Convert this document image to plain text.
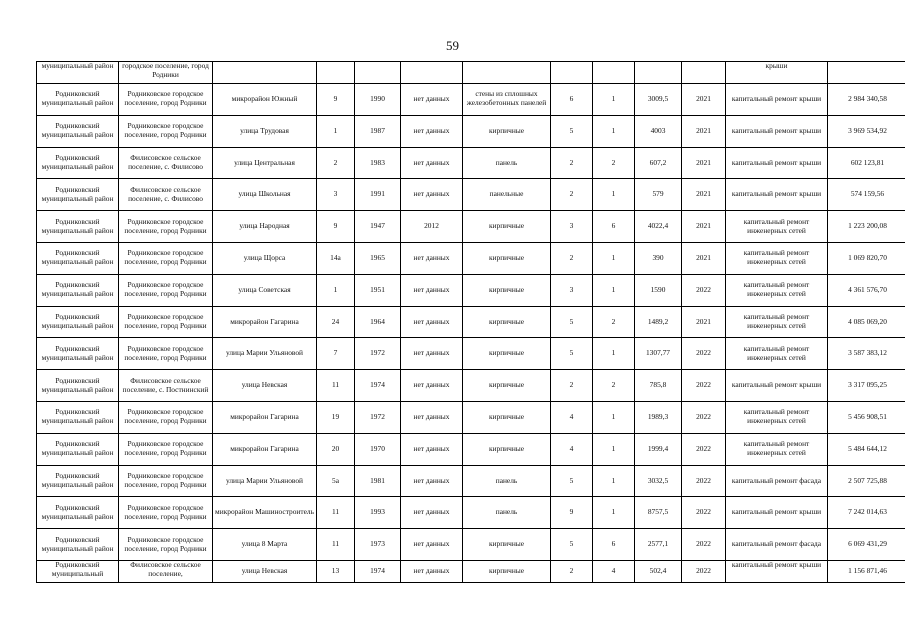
59
муниципальный район	городское поселение, город Родники										крыши	
Родниковский муниципальный район	Родниковское городское поселение, город Родники	микрорайон Южный	9	1990	нет данных	стены из сплошных железобетонных панелей	6	1	3009,5	2021	капитальный ремонт крыши	2 984 340,58
Родниковский муниципальный район	Родниковское городское поселение, город Родники	улица Трудовая	1	1987	нет данных	кирпичные	5	1	4003	2021	капитальный ремонт крыши	3 969 534,92
Родниковский муниципальный район	Филисовское сельское поселение, с. Филисово	улица Центральная	2	1983	нет данных	панель	2	2	607,2	2021	капитальный ремонт крыши	602 123,81
Родниковский муниципальный район	Филисовское сельское поселение, с. Филисово	улица Школьная	3	1991	нет данных	панельные	2	1	579	2021	капитальный ремонт крыши	574 159,56
Родниковский муниципальный район	Родниковское городское поселение, город Родники	улица Народная	9	1947	2012	кирпичные	3	6	4022,4	2021	капитальный ремонт инженерных сетей	1 223 200,08
Родниковский муниципальный район	Родниковское городское поселение, город Родники	улица Щорса	14а	1965	нет данных	кирпичные	2	1	390	2021	капитальный ремонт инженерных сетей	1 069 820,70
Родниковский муниципальный район	Родниковское городское поселение, город Родники	улица Советская	1	1951	нет данных	кирпичные	3	1	1590	2022	капитальный ремонт инженерных сетей	4 361 576,70
Родниковский муниципальный район	Родниковское городское поселение, город Родники	микрорайон Гагарина	24	1964	нет данных	кирпичные	5	2	1489,2	2021	капитальный ремонт инженерных сетей	4 085 069,20
Родниковский муниципальный район	Родниковское городское поселение, город Родники	улица Марии Ульяновой	7	1972	нет данных	кирпичные	5	1	1307,77	2022	капитальный ремонт инженерных сетей	3 587 383,12
Родниковский муниципальный район	Филисовское сельское поселение, с. Постнинский	улица Невская	11	1974	нет данных	кирпичные	2	2	785,8	2022	капитальный ремонт крыши	3 317 095,25
Родниковский муниципальный район	Родниковское городское поселение, город Родники	микрорайон Гагарина	19	1972	нет данных	кирпичные	4	1	1989,3	2022	капитальный ремонт инженерных сетей	5 456 908,51
Родниковский муниципальный район	Родниковское городское поселение, город Родники	микрорайон Гагарина	20	1970	нет данных	кирпичные	4	1	1999,4	2022	капитальный ремонт инженерных сетей	5 484 644,12
Родниковский муниципальный район	Родниковское городское поселение, город Родники	улица Марии Ульяновой	5а	1981	нет данных	панель	5	1	3032,5	2022	капитальный ремонт фасада	2 507 725,88
Родниковский муниципальный район	Родниковское городское поселение, город Родники	микрорайон Машиностроитель	11	1993	нет данных	панель	9	1	8757,5	2022	капитальный ремонт крыши	7 242 014,63
Родниковский муниципальный район	Родниковское городское поселение, город Родники	улица 8 Марта	11	1973	нет данных	кирпичные	5	6	2577,1	2022	капитальный ремонт фасада	6 069 431,29
Родниковский муниципальный	Филисовское сельское поселение,	улица Невская	13	1974	нет данных	кирпичные	2	4	502,4	2022	капитальный ремонт крыши	1 156 871,46
